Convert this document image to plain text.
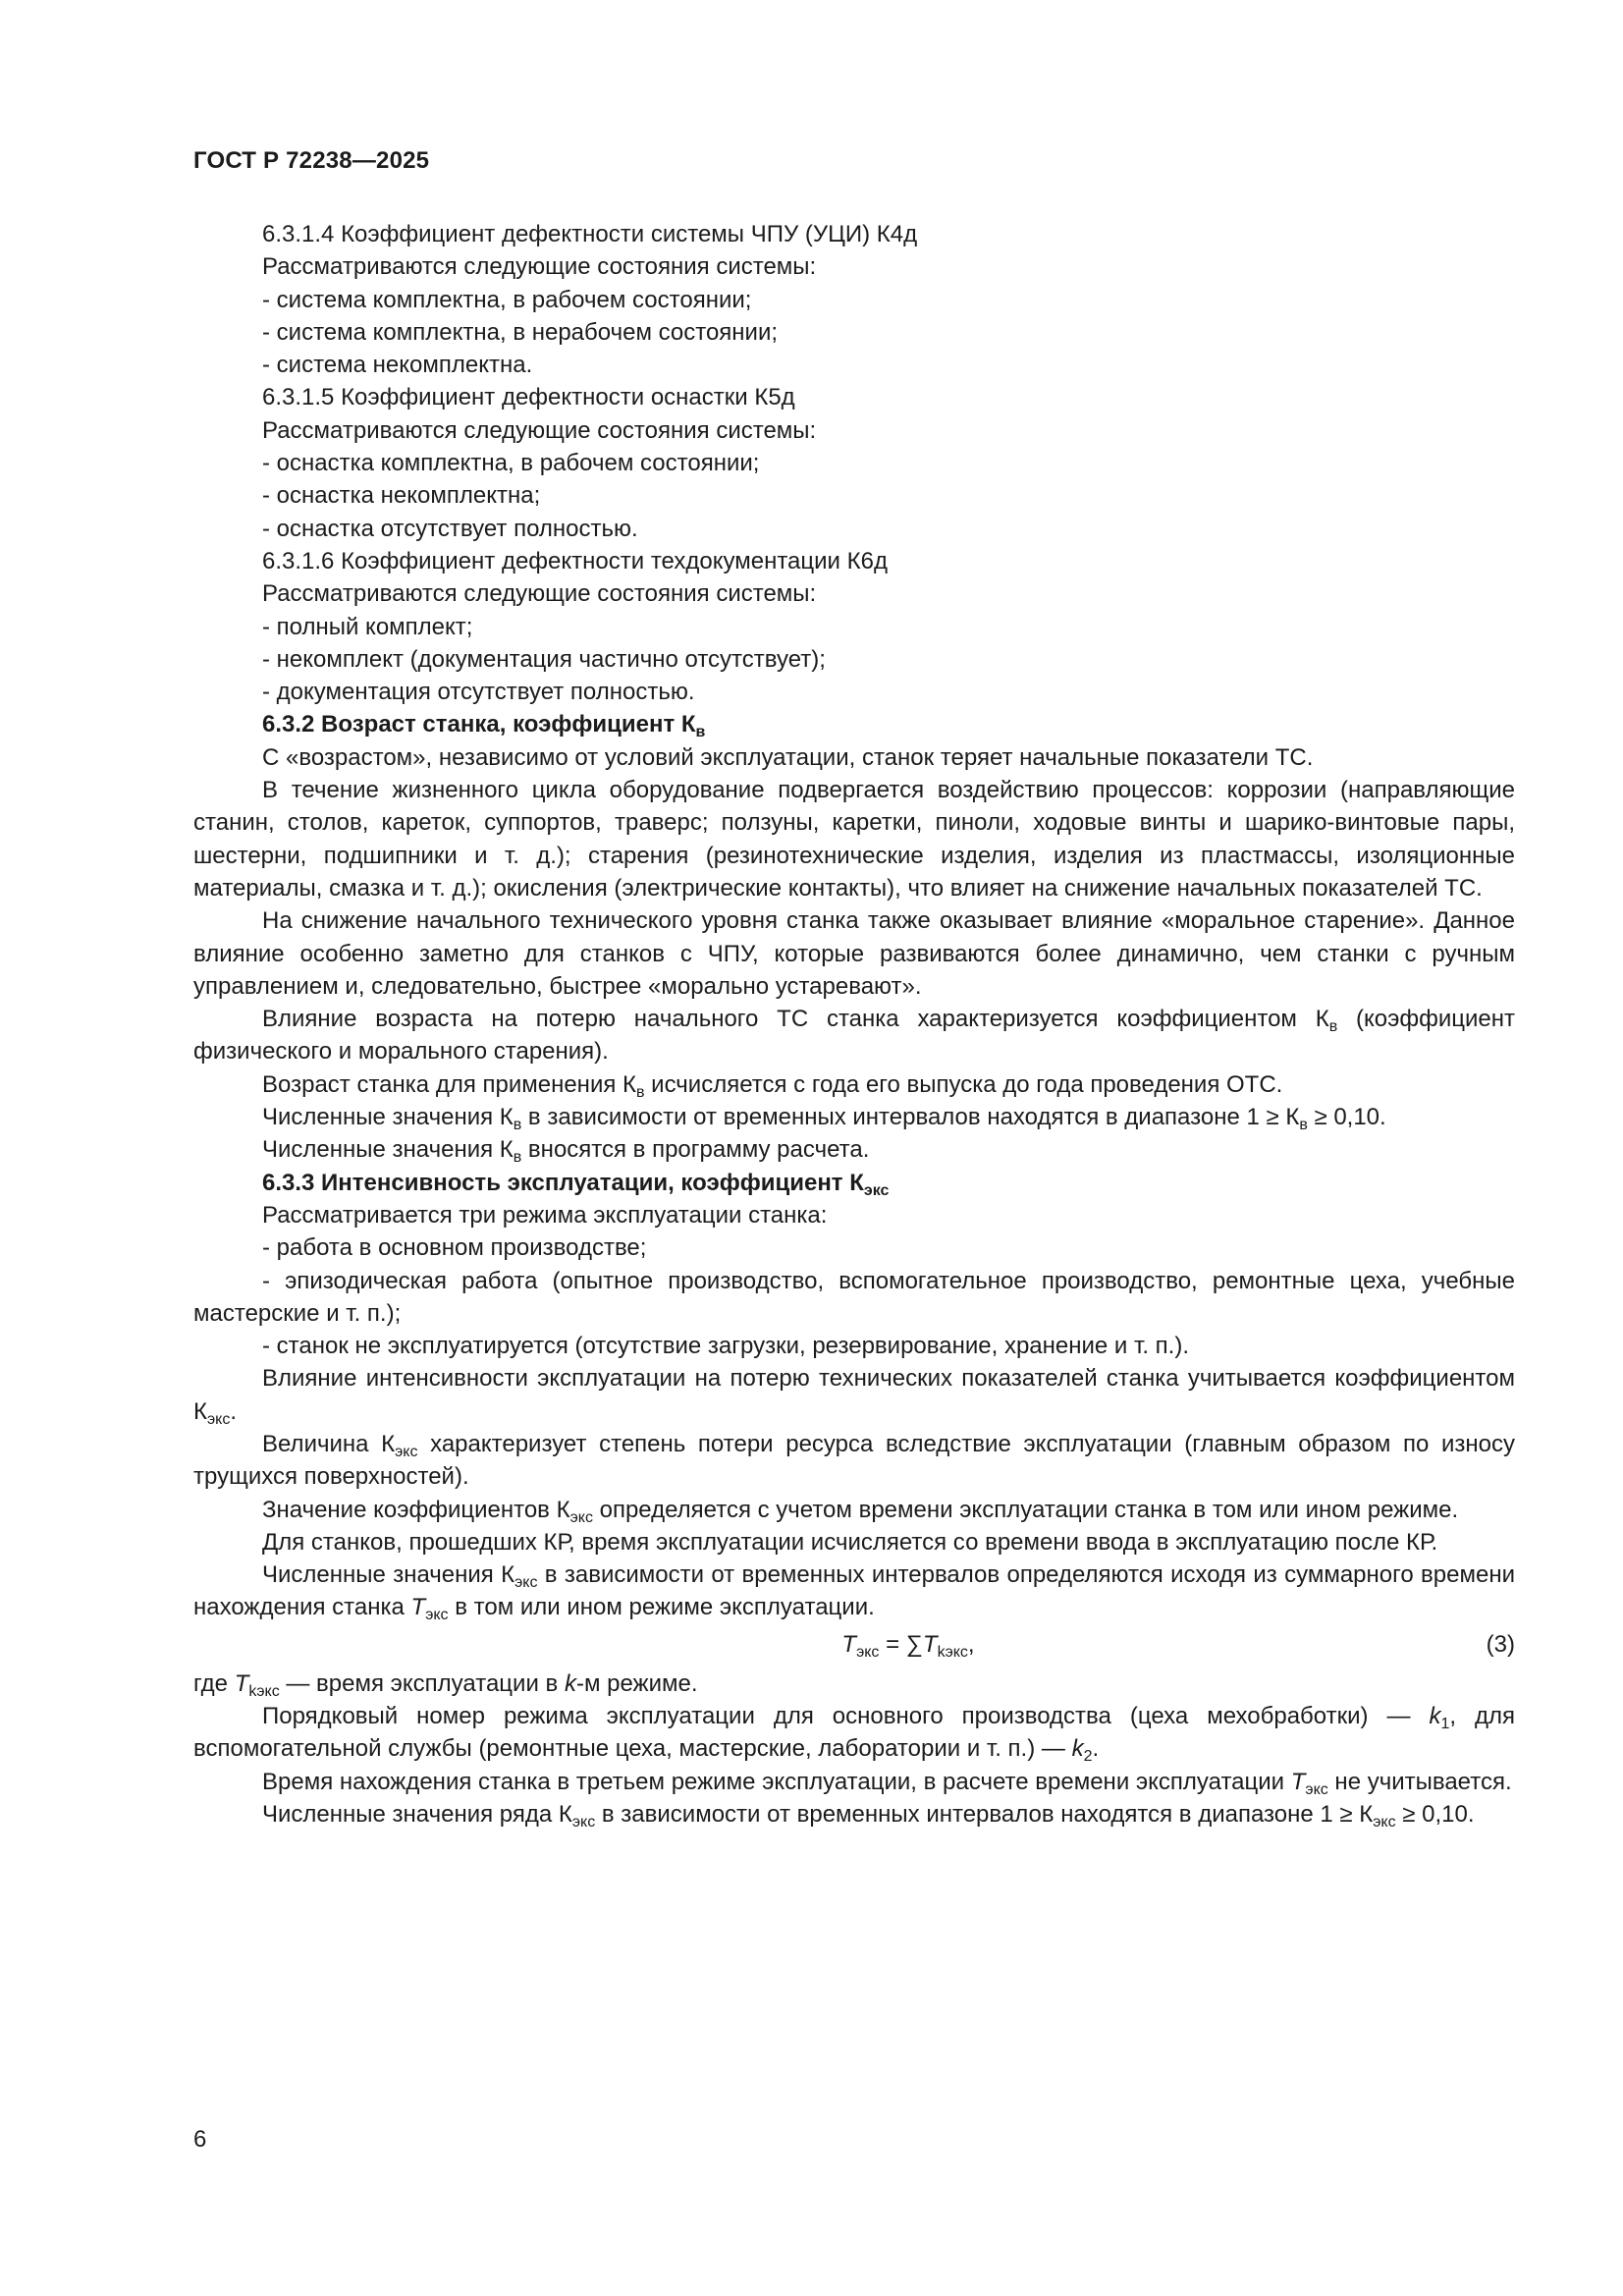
ГОСТ Р 72238—2025

6.3.1.4 Коэффициент дефектности системы ЧПУ (УЦИ) К4д

Рассматриваются следующие состояния системы:

- система комплектна, в рабочем состоянии;

- система комплектна, в нерабочем состоянии;

- система некомплектна.

6.3.1.5 Коэффициент дефектности оснастки К5д

Рассматриваются следующие состояния системы:

- оснастка комплектна, в рабочем состоянии;

- оснастка некомплектна;

- оснастка отсутствует полностью.

6.3.1.6 Коэффициент дефектности техдокументации К6д

Рассматриваются следующие состояния системы:

- полный комплект;

- некомплект (документация частично отсутствует);

- документация отсутствует полностью.

6.3.2 Возраст станка, коэффициент $К_в$

С «возрастом», независимо от условий эксплуатации, станок теряет начальные показатели ТС.

В течение жизненного цикла оборудование подвергается воздействию процессов: коррозии (направляющие станин, столов, кареток, суппортов, траверс; ползуны, каретки, пиноли, ходовые винты и шарико-винтовые пары, шестерни, подшипники и т. д.); старения (резинотехнические изделия, изделия из пластмассы, изоляционные материалы, смазка и т. д.); окисления (электрические контакты), что влияет на снижение начальных показателей ТС.

На снижение начального технического уровня станка также оказывает влияние «моральное старение». Данное влияние особенно заметно для станков с ЧПУ, которые развиваются более динамично, чем станки с ручным управлением и, следовательно, быстрее «морально устаревают».

Влияние возраста на потерю начального ТС станка характеризуется коэффициентом $К_в$ (коэффициент физического и морального старения).

Возраст станка для применения $К_в$ исчисляется с года его выпуска до года проведения ОТС.

Численные значения $К_в$ в зависимости от временных интервалов находятся в диапазоне $1 \ge К_в \ge 0,10$.

Численные значения $К_в$ вносятся в программу расчета.

6.3.3 Интенсивность эксплуатации, коэффициент $К_{экс}$

Рассматривается три режима эксплуатации станка:

- работа в основном производстве;

- эпизодическая работа (опытное производство, вспомогательное производство, ремонтные цеха, учебные мастерские и т. п.);

- станок не эксплуатируется (отсутствие загрузки, резервирование, хранение и т. п.).

Влияние интенсивности эксплуатации на потерю технических показателей станка учитывается коэффициентом $К_{экс}$.

Величина $К_{экс}$ характеризует степень потери ресурса вследствие эксплуатации (главным образом по износу трущихся поверхностей).

Значение коэффициентов $К_{экс}$ определяется с учетом времени эксплуатации станка в том или ином режиме.

Для станков, прошедших КР, время эксплуатации исчисляется со времени ввода в эксплуатацию после КР.

Численные значения $К_{экс}$ в зависимости от временных интервалов определяются исходя из суммарного времени нахождения станка $T_{экс}$ в том или ином режиме эксплуатации.

$T_{экс} = \sum T_{kэкс}$,	(3)

где $T_{kэкс}$ — время эксплуатации в k-м режиме.

Порядковый номер режима эксплуатации для основного производства (цеха мехобработки) — $k_1$, для вспомогательной службы (ремонтные цеха, мастерские, лаборатории и т. п.) — $k_2$.

Время нахождения станка в третьем режиме эксплуатации, в расчете времени эксплуатации $T_{экс}$ не учитывается.

Численные значения ряда $К_{экс}$ в зависимости от временных интервалов находятся в диапазоне $1 \ge К_{экс} \ge 0,10$.

6
